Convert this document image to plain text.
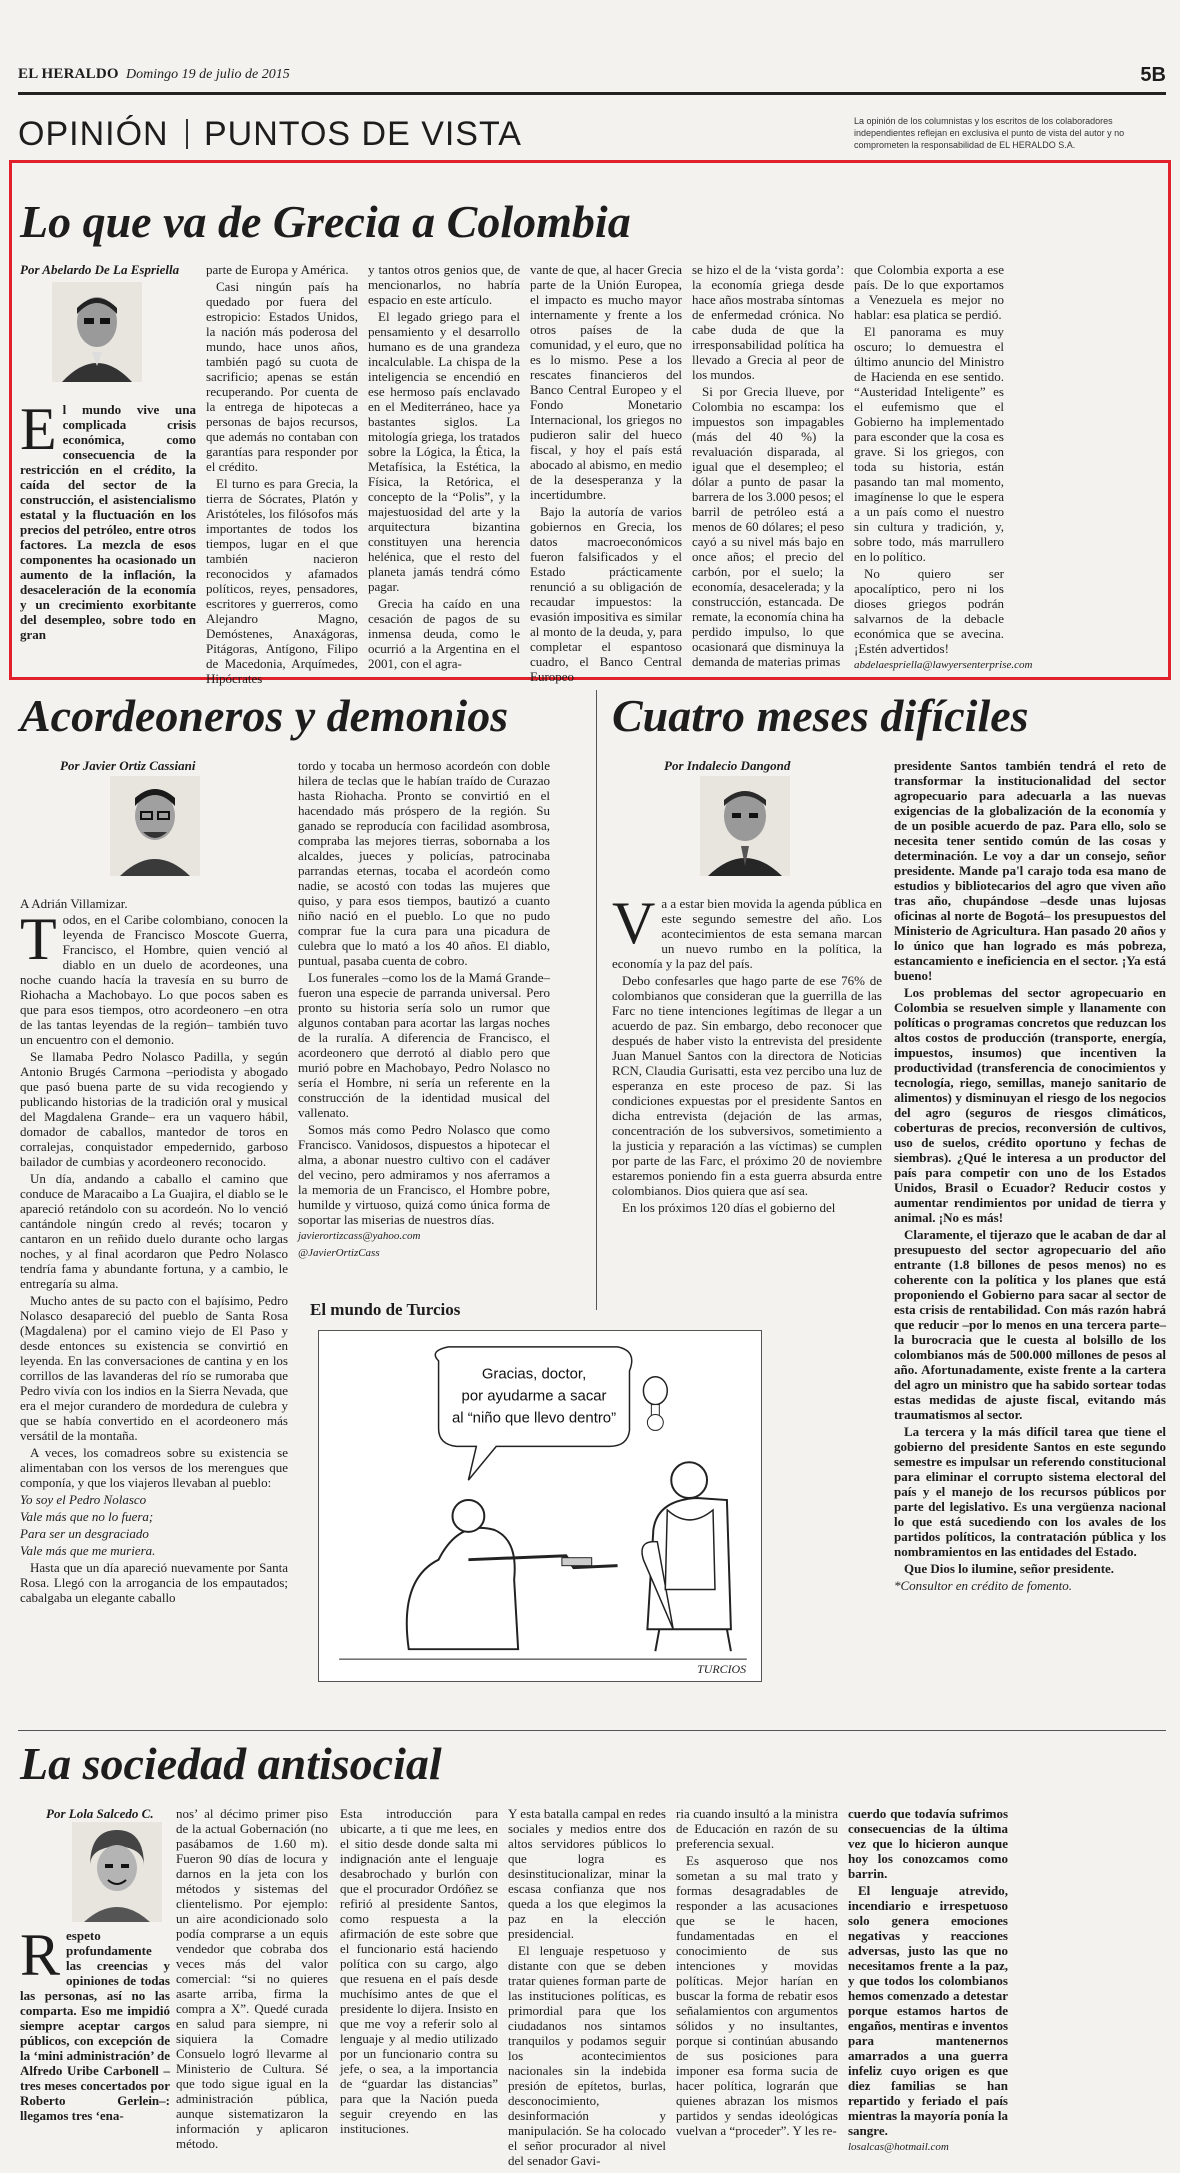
EL HERALDO Domingo 19 de julio de 2015	5B
OPINIÓN PUNTOS DE VISTA	La opinión de los columnistas y los escritos de los colaboradores independientes reflejan en exclusiva el punto de vista del autor y no comprometen la responsabilidad de EL HERALDO S.A.
Lo que va de Grecia a Colombia
Por Abelardo De La Espriella

El mundo vive una complicada crisis económica, como consecuencia de la restricción en el crédito, la caída del sector de la construcción, el asistencialismo estatal y la fluctuación en los precios del petróleo, entre otros factores. La mezcla de esos componentes ha ocasionado un aumento de la inflación, la desaceleración de la economía y un crecimiento exorbitante del desempleo, sobre todo en gran

parte de Europa y América.

Casi ningún país ha quedado por fuera del estropicio: Estados Unidos, la nación más poderosa del mundo, hace unos años, también pagó su cuota de sacrificio; apenas se están recuperando. Por cuenta de la entrega de hipotecas a personas de bajos recursos, que además no contaban con garantías para responder por el crédito.

El turno es para Grecia, la tierra de Sócrates, Platón y Aristóteles, los filósofos más importantes de todos los tiempos, lugar en el que también nacieron reconocidos y afamados políticos, reyes, pensadores, escritores y guerreros, como Alejandro Magno, Demóstenes, Anaxágoras, Pitágoras, Antígono, Filipo de Macedonia, Arquímedes, Hipócrates

y tantos otros genios que, de mencionarlos, no habría espacio en este artículo.

El legado griego para el pensamiento y el desarrollo humano es de una grandeza incalculable. La chispa de la inteligencia se encendió en ese hermoso país enclavado en el Mediterráneo, hace ya bastantes siglos. La mitología griega, los tratados sobre la Lógica, la Ética, la Metafísica, la Estética, la Física, la Retórica, el concepto de la “Polis”, y la majestuosidad del arte y la arquitectura bizantina constituyen una herencia helénica, que el resto del planeta jamás tendrá cómo pagar.

Grecia ha caído en una cesación de pagos de su inmensa deuda, como le ocurrió a la Argentina en el 2001, con el agra-

vante de que, al hacer Grecia parte de la Unión Europea, el impacto es mucho mayor internamente y frente a los otros países de la comunidad, y el euro, que no es lo mismo. Pese a los rescates financieros del Banco Central Europeo y el Fondo Monetario Internacional, los griegos no pudieron salir del hueco fiscal, y hoy el país está abocado al abismo, en medio de la desesperanza y la incertidumbre.

Bajo la autoría de varios gobiernos en Grecia, los datos macroeconómicos fueron falsificados y el Estado prácticamente renunció a su obligación de recaudar impuestos: la evasión impositiva es similar al monto de la deuda, y, para completar el espantoso cuadro, el Banco Central Europeo

se hizo el de la ‘vista gorda’: la economía griega desde hace años mostraba síntomas de enfermedad crónica. No cabe duda de que la irresponsabilidad política ha llevado a Grecia al peor de los mundos.

Si por Grecia llueve, por Colombia no escampa: los impuestos son impagables (más del 40 %) la revaluación disparada, al igual que el desempleo; el dólar a punto de pasar la barrera de los 3.000 pesos; el barril de petróleo está a menos de 60 dólares; el peso cayó a su nivel más bajo en once años; el precio del carbón, por el suelo; la economía, desacelerada; y la construcción, estancada. De remate, la economía china ha perdido impulso, lo que ocasionará que disminuya la demanda de materias primas

que Colombia exporta a ese país. De lo que exportamos a Venezuela es mejor no hablar: esa platica se perdió.

El panorama es muy oscuro; lo demuestra el último anuncio del Ministro de Hacienda en ese sentido. “Austeridad Inteligente” es el eufemismo que el Gobierno ha implementado para esconder que la cosa es grave. Si los griegos, con toda su historia, están pasando tan mal momento, imagínense lo que le espera a un país como el nuestro sin cultura y tradición, y, sobre todo, más marrullero en lo político.

No quiero ser apocalíptico, pero ni los dioses griegos podrán salvarnos de la debacle económica que se avecina. ¡Estén advertidos!

abdelaespriella@lawyersenterprise.com

Acordeoneros y demonios
Por Javier Ortiz Cassiani
A Adrián Villamizar.

Todos, en el Caribe colombiano, conocen la leyenda de Francisco Moscote Guerra, Francisco, el Hombre, quien venció al diablo en un duelo de acordeones, una noche cuando hacía la travesía en su burro de Riohacha a Machobayo. Lo que pocos saben es que para esos tiempos, otro acordeonero –en otra de las tantas leyendas de la región– también tuvo un encuentro con el demonio.

Se llamaba Pedro Nolasco Padilla, y según Antonio Brugés Carmona –periodista y abogado que pasó buena parte de su vida recogiendo y publicando historias de la tradición oral y musical del Magdalena Grande– era un vaquero hábil, domador de caballos, mantedor de toros en corralejas, conquistador empedernido, garboso bailador de cumbias y acordeonero reconocido.

Un día, andando a caballo el camino que conduce de Maracaibo a La Guajira, el diablo se le apareció retándolo con su acordeón. No lo venció cantándole ningún credo al revés; tocaron y cantaron en un reñido duelo durante ocho largas noches, y al final acordaron que Pedro Nolasco tendría fama y abundante fortuna, y a cambio, le entregaría su alma.

Mucho antes de su pacto con el bajísimo, Pedro Nolasco desapareció del pueblo de Santa Rosa (Magdalena) por el camino viejo de El Paso y desde entonces su existencia se convirtió en leyenda. En las conversaciones de cantina y en los corrillos de las lavanderas del río se rumoraba que Pedro vivía con los indios en la Sierra Nevada, que era el mejor curandero de mordedura de culebra y que se había convertido en el acordeonero más versátil de la montaña.

A veces, los comadreos sobre su existencia se alimentaban con los versos de los merengues que componía, y que los viajeros llevaban al pueblo:

Yo soy el Pedro Nolasco

Vale más que no lo fuera;

Para ser un desgraciado

Vale más que me muriera.

Hasta que un día apareció nuevamente por Santa Rosa. Llegó con la arrogancia de los empautados; cabalgaba un elegante caballo

tordo y tocaba un hermoso acordeón con doble hilera de teclas que le habían traído de Curazao hasta Riohacha. Pronto se convirtió en el hacendado más próspero de la región. Su ganado se reproducía con facilidad asombrosa, compraba las mejores tierras, sobornaba a los alcaldes, jueces y policías, patrocinaba parrandas eternas, tocaba el acordeón como nadie, se acostó con todas las mujeres que quiso, y para esos tiempos, bautizó a cuanto niño nació en el pueblo. Lo que no pudo comprar fue la cura para una picadura de culebra que lo mató a los 40 años. El diablo, puntual, pasaba cuenta de cobro.

Los funerales –como los de la Mamá Grande– fueron una especie de parranda universal. Pero pronto su historia sería solo un rumor que algunos contaban para acortar las largas noches de la ruralía. A diferencia de Francisco, el acordeonero que derrotó al diablo pero que murió pobre en Machobayo, Pedro Nolasco no sería el Hombre, ni sería un referente en la construcción de la identidad musical del vallenato.

Somos más como Pedro Nolasco que como Francisco. Vanidosos, dispuestos a hipotecar el alma, a abonar nuestro cultivo con el cadáver del vecino, pero admiramos y nos aferramos a la memoria de un Francisco, el Hombre pobre, humilde y virtuoso, quizá como única forma de soportar las miserias de nuestros días.

javierortizcass@yahoo.com

@JavierOrtizCass

Cuatro meses difíciles
Por Indalecio Dangond

Va a estar bien movida la agenda pública en este segundo semestre del año. Los acontecimientos de esta semana marcan un nuevo rumbo en la política, la economía y la paz del país.

Debo confesarles que hago parte de ese 76% de colombianos que consideran que la guerrilla de las Farc no tiene intenciones legítimas de llegar a un acuerdo de paz. Sin embargo, debo reconocer que después de haber visto la entrevista del presidente Juan Manuel Santos con la directora de Noticias RCN, Claudia Gurisatti, esta vez percibo una luz de esperanza en este proceso de paz. Si las condiciones expuestas por el presidente Santos en dicha entrevista (dejación de las armas, concentración de los subversivos, sometimiento a la justicia y reparación a las víctimas) se cumplen por parte de las Farc, el próximo 20 de noviembre estaremos poniendo fin a esta guerra absurda entre colombianos. Dios quiera que así sea.

En los próximos 120 días el gobierno del

presidente Santos también tendrá el reto de transformar la institucionalidad del sector agropecuario para adecuarla a las nuevas exigencias de la globalización de la economía y de un posible acuerdo de paz. Para ello, solo se necesita tener sentido común de las cosas y determinación. Le voy a dar un consejo, señor presidente. Mande pa'l carajo toda esa mano de estudios y bibliotecarios del agro que viven año tras año, chupándose –desde unas lujosas oficinas al norte de Bogotá– los presupuestos del Ministerio de Agricultura. Han pasado 20 años y lo único que han logrado es más pobreza, estancamiento e ineficiencia en el sector. ¡Ya está bueno!

Los problemas del sector agropecuario en Colombia se resuelven simple y llanamente con políticas o programas concretos que reduzcan los altos costos de producción (transporte, energía, impuestos, insumos) que incentiven la productividad (transferencia de conocimientos y tecnología, riego, semillas, manejo sanitario de alimentos) y disminuyan el riesgo de los negocios del agro (seguros de riesgos climáticos, coberturas de precios, reconversión de cultivos, uso de suelos, crédito oportuno y fechas de siembras). ¿Qué le interesa a un productor del país para competir con uno de los Estados Unidos, Brasil o Ecuador? Reducir costos y aumentar rendimientos por unidad de tierra y animal. ¡No es más!

Claramente, el tijerazo que le acaban de dar al presupuesto del sector agropecuario del año entrante (1.8 billones de pesos menos) no es coherente con la política y los planes que está proponiendo el Gobierno para sacar al sector de esta crisis de rentabilidad. Con más razón habrá que reducir –por lo menos en una tercera parte– la burocracia que le cuesta al bolsillo de los colombianos más de 500.000 millones de pesos al año. Afortunadamente, existe frente a la cartera del agro un ministro que ha sabido sortear todas estas medidas de ajuste fiscal, evitando más traumatismos al sector.

La tercera y la más difícil tarea que tiene el gobierno del presidente Santos en este segundo semestre es impulsar un referendo constitucional para eliminar el corrupto sistema electoral del país y el manejo de los recursos públicos por parte del legislativo. Es una vergüenza nacional lo que está sucediendo con los avales de los partidos políticos, la contratación pública y los nombramientos en las entidades del Estado.

Que Dios lo ilumine, señor presidente.

*Consultor en crédito de fomento.

El mundo de Turcios
Gracias, doctor,
por ayudarme a sacar
al “niño que llevo dentro”
TURCIOS
La sociedad antisocial
Por Lola Salcedo C.

Respeto profundamente las creencias y opiniones de todas las personas, así no las comparta. Eso me impidió siempre aceptar cargos públicos, con excepción de la ‘mini administración’ de Alfredo Uribe Carbonell –tres meses concertados por Roberto Gerlein–: llegamos tres ‘ena-

nos’ al décimo primer piso de la actual Gobernación (no pasábamos de 1.60 m). Fueron 90 días de locura y darnos en la jeta con los métodos y sistemas del clientelismo. Por ejemplo: un aire acondicionado solo podía comprarse a un equis vendedor que cobraba dos veces más del valor comercial: “si no quieres asarte arriba, firma la compra a X”. Quedé curada en salud para siempre, ni siquiera la Comadre Consuelo logró llevarme al Ministerio de Cultura. Sé que todo sigue igual en la administración pública, aunque sistematizaron la información y aplicaron método.

Esta introducción para ubicarte, a ti que me lees, en el sitio desde donde salta mi indignación ante el lenguaje desabrochado y burlón con que el procurador Ordóñez se refirió al presidente Santos, como respuesta a la afirmación de este sobre que el funcionario está haciendo política con su cargo, algo que resuena en el país desde muchísimo antes de que el presidente lo dijera. Insisto en que me voy a referir solo al lenguaje y al medio utilizado por un funcionario contra su jefe, o sea, a la importancia de “guardar las distancias” para que la Nación pueda seguir creyendo en las instituciones.

Y esta batalla campal en redes sociales y medios entre dos altos servidores públicos lo que logra es desinstitucionalizar, minar la escasa confianza que nos queda a los que elegimos la paz en la elección presidencial.

El lenguaje respetuoso y distante con que se deben tratar quienes forman parte de las instituciones políticas, es primordial para que los ciudadanos nos sintamos tranquilos y podamos seguir los acontecimientos nacionales sin la indebida presión de epítetos, burlas, desconocimiento, desinformación y manipulación. Se ha colocado el señor procurador al nivel del senador Gavi-

ria cuando insultó a la ministra de Educación en razón de su preferencia sexual.

Es asqueroso que nos sometan a su mal trato y formas desagradables de responder a las acusaciones que se le hacen, fundamentadas en el conocimiento de sus intenciones y movidas políticas. Mejor harían en buscar la forma de rebatir esos señalamientos con argumentos sólidos y no insultantes, porque si continúan abusando de sus posiciones para imponer esa forma sucia de hacer política, lograrán que quienes abrazan los mismos partidos y sendas ideológicas vuelvan a “proceder”. Y les re-

cuerdo que todavía sufrimos consecuencias de la última vez que lo hicieron aunque hoy los conozcamos como barrin.

El lenguaje atrevido, incendiario e irrespetuoso solo genera emociones negativas y reacciones adversas, justo las que no necesitamos frente a la paz, y que todos los colombianos hemos comenzado a detestar porque estamos hartos de engaños, mentiras e inventos para mantenernos amarrados a una guerra infeliz cuyo origen es que diez familias se han repartido y feriado el país mientras la mayoría ponía la sangre.

losalcas@hotmail.com
